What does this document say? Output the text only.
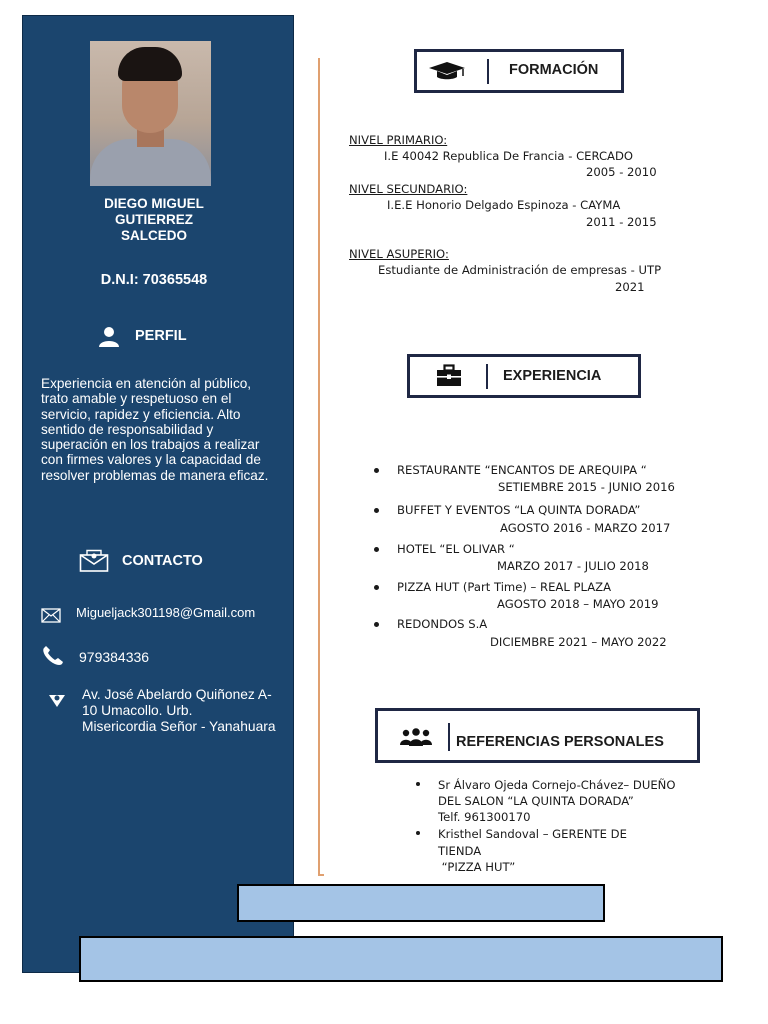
DIEGO MIGUEL
GUTIERREZ
SALCEDO
D.N.I: 70365548
PERFIL
Experiencia en atención al público, trato amable y respetuoso en el servicio, rapidez y eficiencia. Alto sentido de responsabilidad y superación en los trabajos a realizar con firmes valores y la capacidad de resolver problemas de manera eficaz.
CONTACTO
Migueljack301198@Gmail.com
979384336
Av. José Abelardo Quiñonez A-
10 Umacollo. Urb.
Misericordia Señor - Yanahuara
FORMACIÓN
NIVEL PRIMARIO:
I.E 40042 Republica De Francia - CERCADO
2005 - 2010
NIVEL SECUNDARIO:
I.E.E Honorio Delgado Espinoza - CAYMA
2011 - 2015
NIVEL ASUPERIO:
Estudiante de Administración de empresas - UTP
2021
EXPERIENCIA
RESTAURANTE “ENCANTOS DE AREQUIPA “
SETIEMBRE 2015 - JUNIO 2016
BUFFET Y EVENTOS “LA QUINTA DORADA”
AGOSTO 2016 - MARZO 2017
HOTEL “EL OLIVAR “
MARZO 2017 - JULIO 2018
PIZZA HUT (Part Time) – REAL PLAZA
AGOSTO 2018 – MAYO 2019
REDONDOS S.A
DICIEMBRE 2021 – MAYO 2022
REFERENCIAS PERSONALES
Sr Álvaro Ojeda Cornejo-Chávez– DUEÑO
DEL SALON “LA QUINTA DORADA”
Telf. 961300170
Kristhel Sandoval – GERENTE DE
TIENDA
“PIZZA HUT”
